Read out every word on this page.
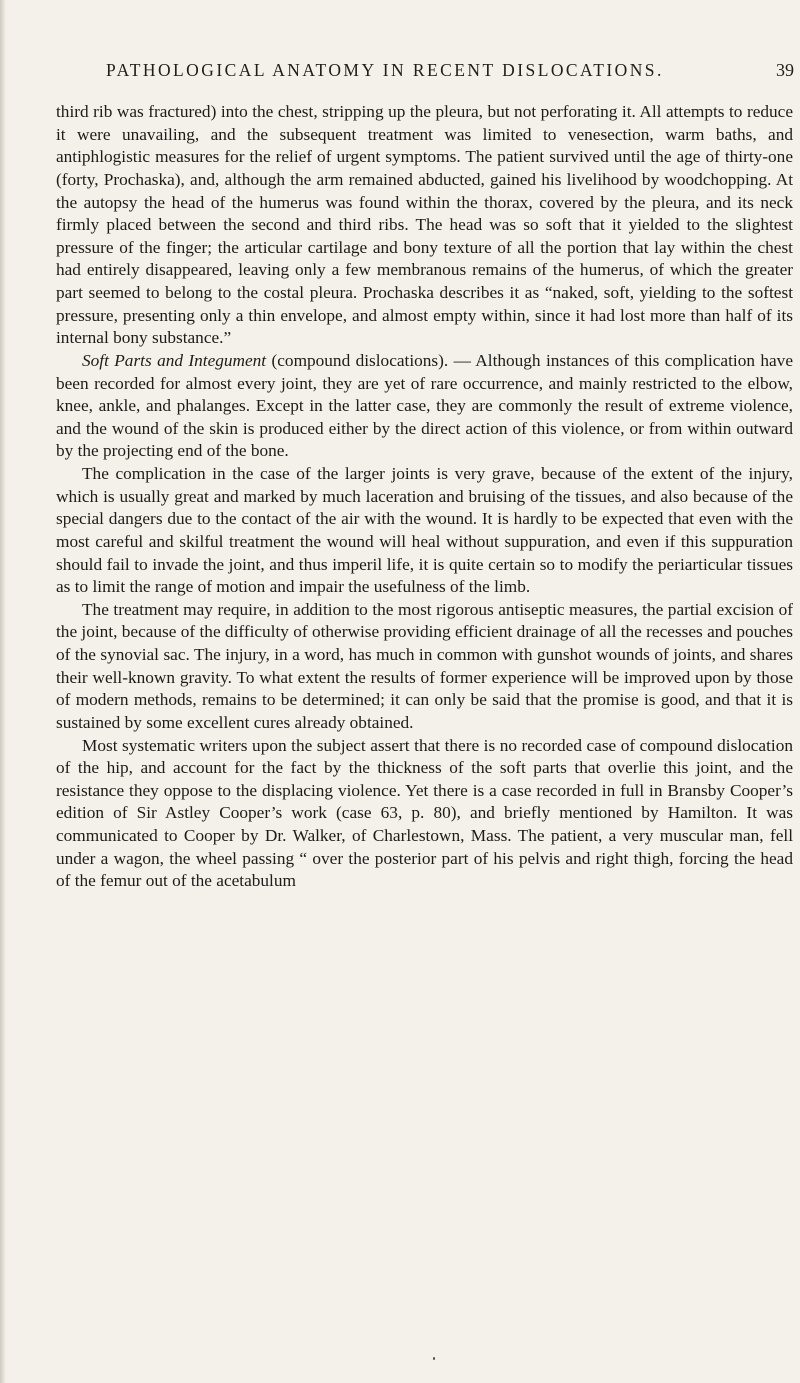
PATHOLOGICAL ANATOMY IN RECENT DISLOCATIONS.	39

third rib was fractured) into the chest, stripping up the pleura, but not perforating it. All attempts to reduce it were unavailing, and the subsequent treatment was limited to venesection, warm baths, and antiphlogistic measures for the relief of urgent symptoms. The patient survived until the age of thirty-one (forty, Prochaska), and, although the arm remained abducted, gained his livelihood by woodchopping. At the autopsy the head of the humerus was found within the thorax, covered by the pleura, and its neck firmly placed between the second and third ribs. The head was so soft that it yielded to the slightest pressure of the finger; the articular cartilage and bony texture of all the portion that lay within the chest had entirely disappeared, leaving only a few membranous remains of the humerus, of which the greater part seemed to belong to the costal pleura. Prochaska describes it as “naked, soft, yielding to the softest pressure, presenting only a thin envelope, and almost empty within, since it had lost more than half of its internal bony substance.”

Soft Parts and Integument (compound dislocations). — Although instances of this complication have been recorded for almost every joint, they are yet of rare occurrence, and mainly restricted to the elbow, knee, ankle, and phalanges. Except in the latter case, they are commonly the result of extreme violence, and the wound of the skin is produced either by the direct action of this violence, or from within outward by the projecting end of the bone.

The complication in the case of the larger joints is very grave, because of the extent of the injury, which is usually great and marked by much laceration and bruising of the tissues, and also because of the special dangers due to the contact of the air with the wound. It is hardly to be expected that even with the most careful and skilful treatment the wound will heal without suppuration, and even if this suppuration should fail to invade the joint, and thus imperil life, it is quite certain so to modify the periarticular tissues as to limit the range of motion and impair the usefulness of the limb.

The treatment may require, in addition to the most rigorous antiseptic measures, the partial excision of the joint, because of the difficulty of otherwise providing efficient drainage of all the recesses and pouches of the synovial sac. The injury, in a word, has much in common with gunshot wounds of joints, and shares their well-known gravity. To what extent the results of former experience will be improved upon by those of modern methods, remains to be determined; it can only be said that the promise is good, and that it is sustained by some excellent cures already obtained.

Most systematic writers upon the subject assert that there is no recorded case of compound dislocation of the hip, and account for the fact by the thickness of the soft parts that overlie this joint, and the resistance they oppose to the displacing violence. Yet there is a case recorded in full in Bransby Cooper’s edition of Sir Astley Cooper’s work (case 63, p. 80), and briefly mentioned by Hamilton. It was communicated to Cooper by Dr. Walker, of Charlestown, Mass. The patient, a very muscular man, fell under a wagon, the wheel passing “ over the posterior part of his pelvis and right thigh, forcing the head of the femur out of the acetabulum
